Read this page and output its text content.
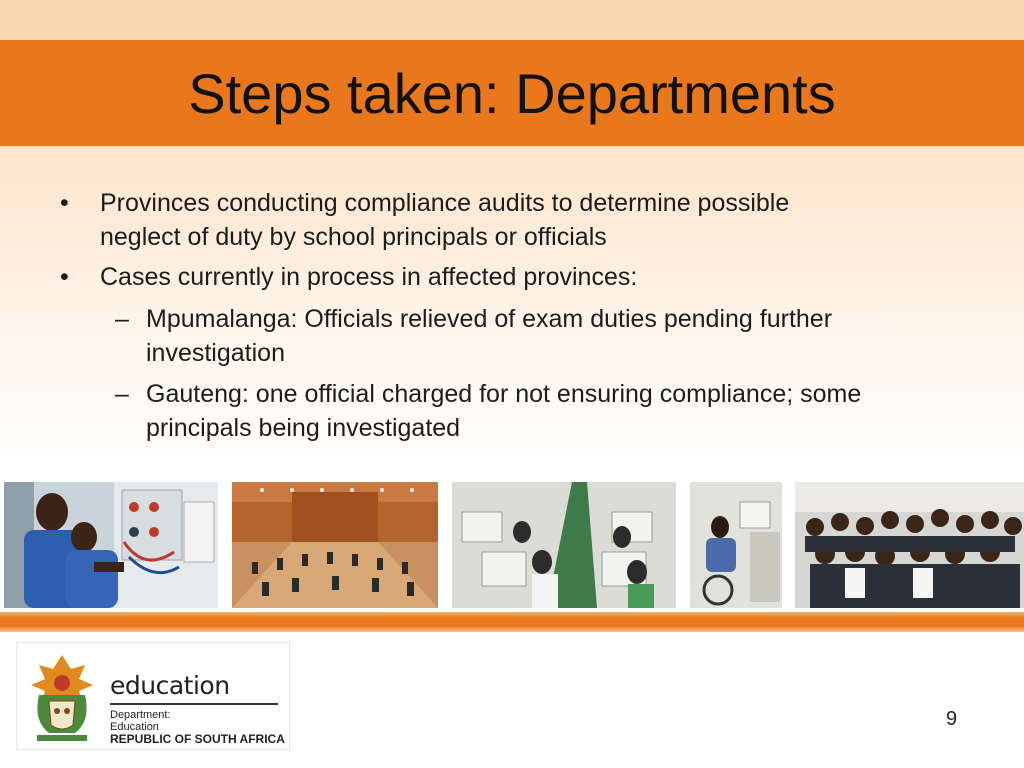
Steps taken: Departments
• Provinces conducting compliance audits to determine possible
neglect of duty by school principals or officials
• Cases currently in process in affected provinces:
– Mpumalanga: Officials relieved of exam duties pending further
investigation
– Gauteng: one official charged for not ensuring compliance; some
principals being investigated
education
Department:
Education
REPUBLIC OF SOUTH AFRICA
9
